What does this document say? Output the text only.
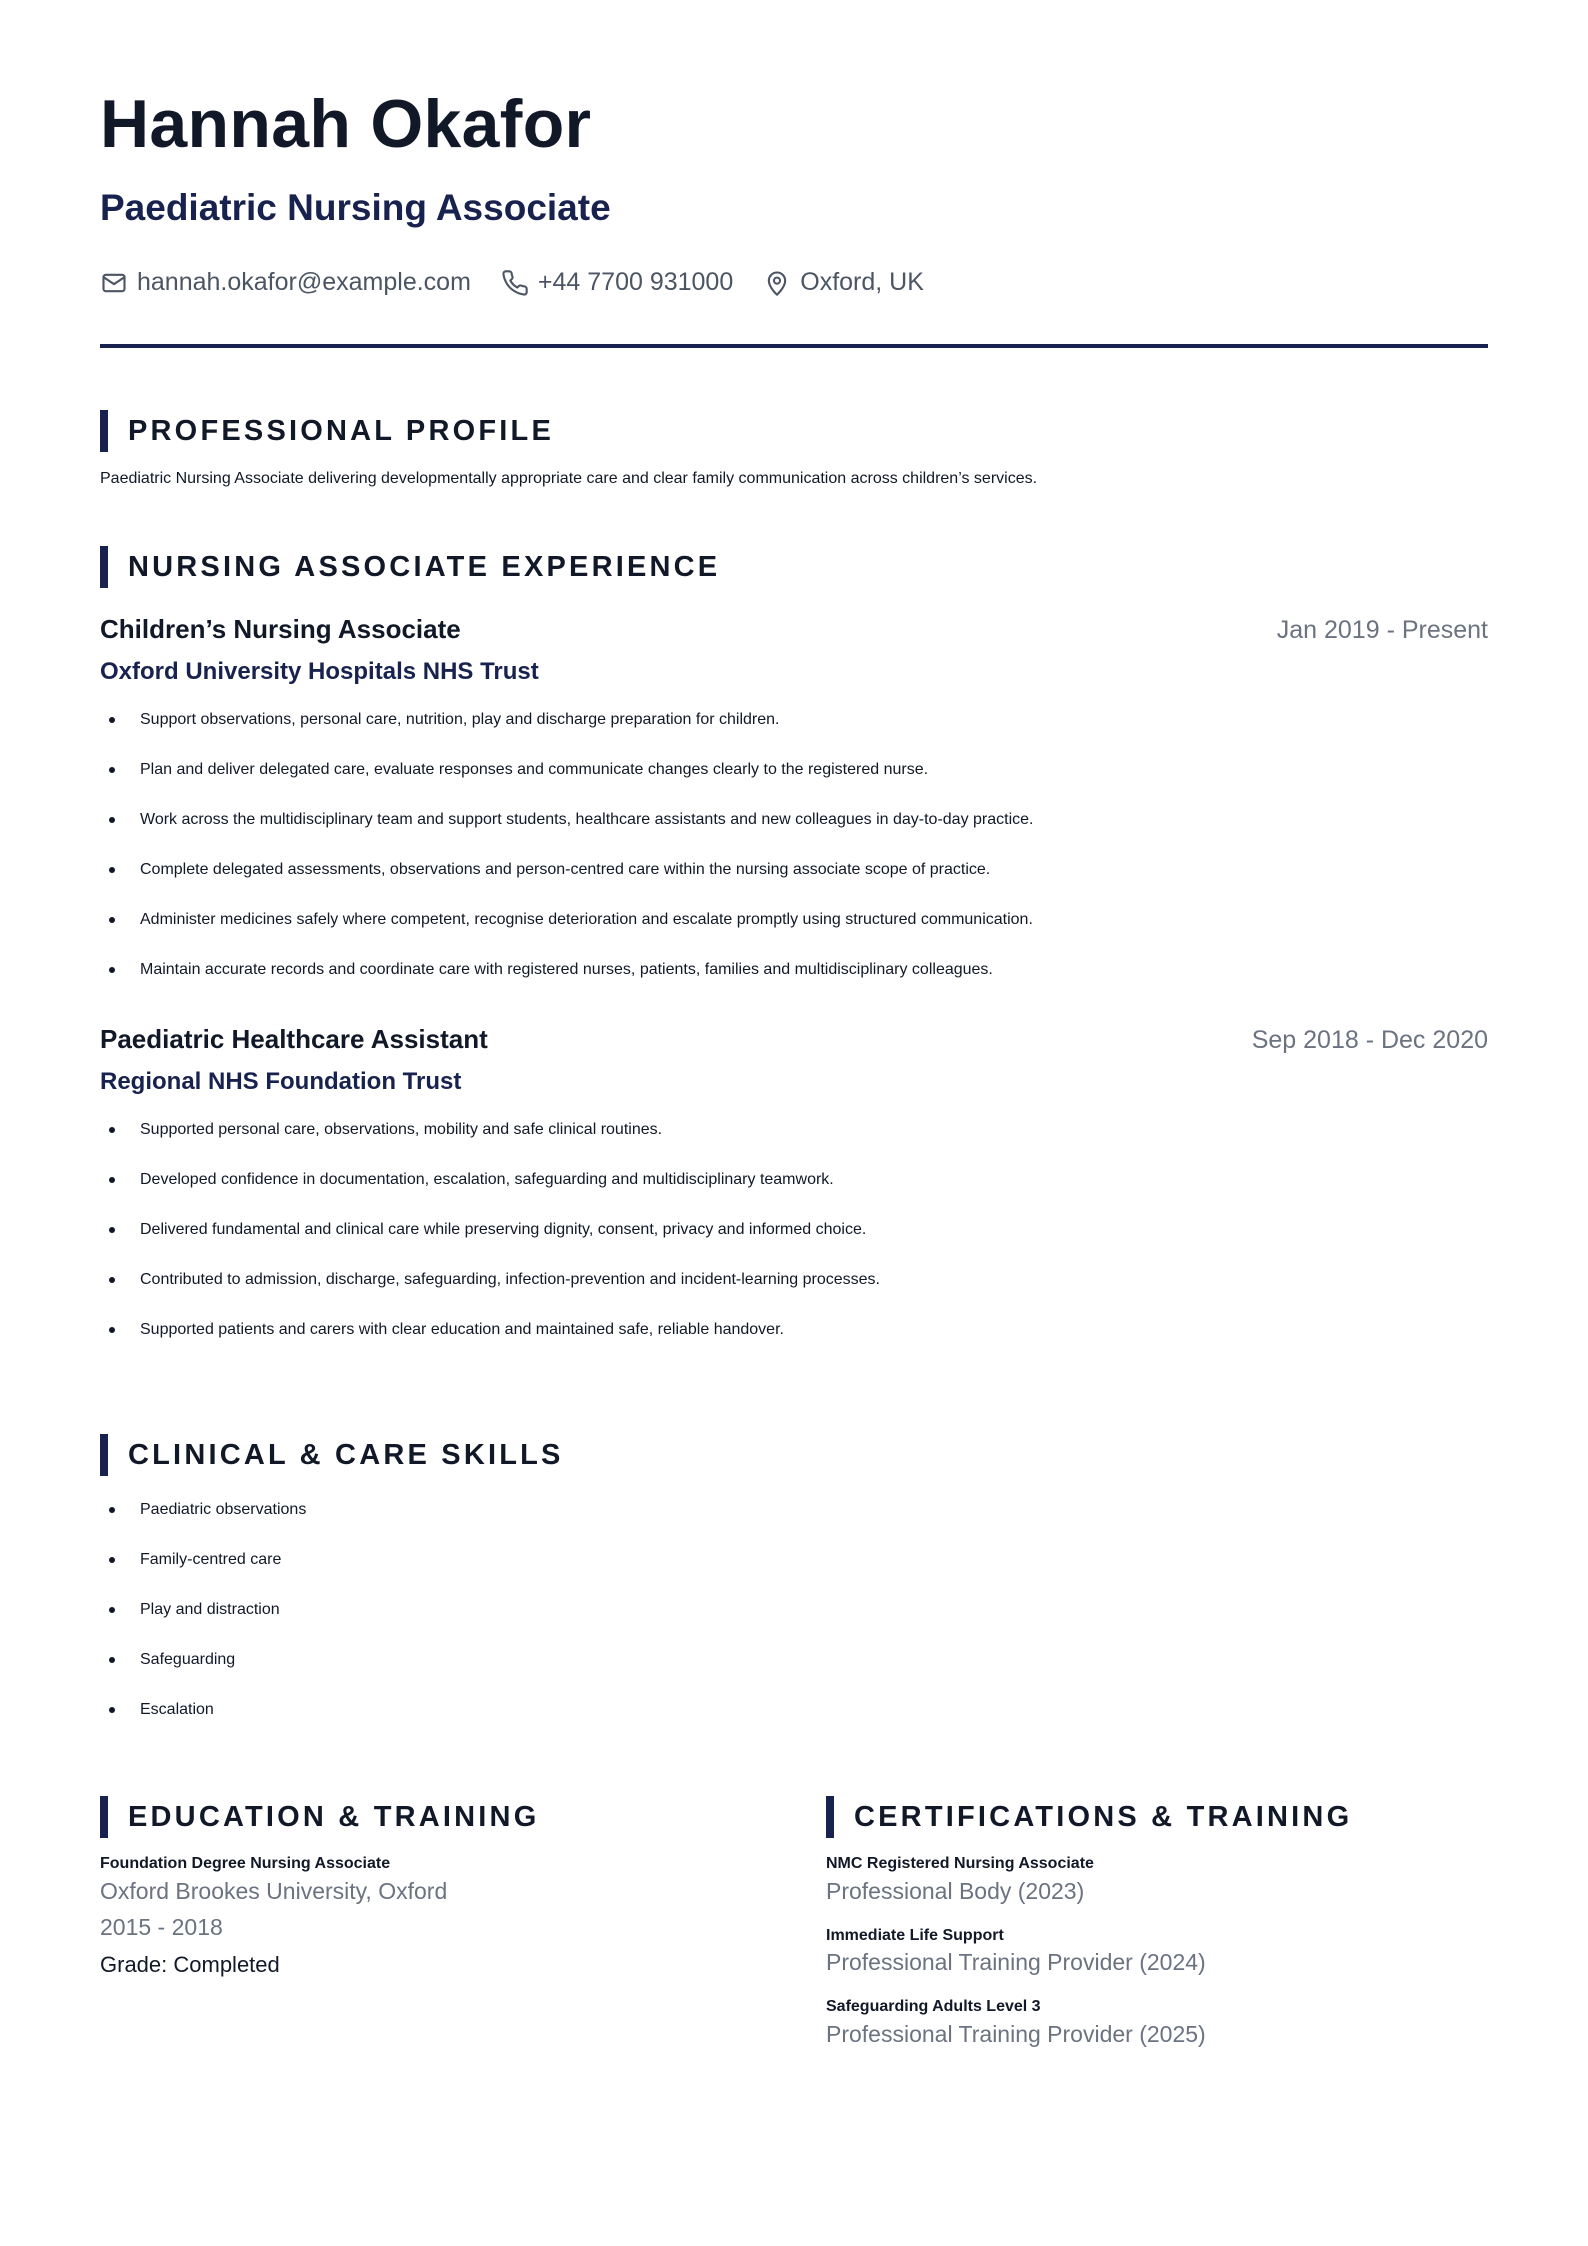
Hannah Okafor
Paediatric Nursing Associate
hannah.okafor@example.com	+44 7700 931000	Oxford, UK
PROFESSIONAL PROFILE
Paediatric Nursing Associate delivering developmentally appropriate care and clear family communication across children’s services.
NURSING ASSOCIATE EXPERIENCE
Children’s Nursing Associate	Jan 2019 - Present
Oxford University Hospitals NHS Trust
Support observations, personal care, nutrition, play and discharge preparation for children.
Plan and deliver delegated care, evaluate responses and communicate changes clearly to the registered nurse.
Work across the multidisciplinary team and support students, healthcare assistants and new colleagues in day-to-day practice.
Complete delegated assessments, observations and person-centred care within the nursing associate scope of practice.
Administer medicines safely where competent, recognise deterioration and escalate promptly using structured communication.
Maintain accurate records and coordinate care with registered nurses, patients, families and multidisciplinary colleagues.
Paediatric Healthcare Assistant	Sep 2018 - Dec 2020
Regional NHS Foundation Trust
Supported personal care, observations, mobility and safe clinical routines.
Developed confidence in documentation, escalation, safeguarding and multidisciplinary teamwork.
Delivered fundamental and clinical care while preserving dignity, consent, privacy and informed choice.
Contributed to admission, discharge, safeguarding, infection-prevention and incident-learning processes.
Supported patients and carers with clear education and maintained safe, reliable handover.
CLINICAL & CARE SKILLS
Paediatric observations
Family-centred care
Play and distraction
Safeguarding
Escalation
EDUCATION & TRAINING
Foundation Degree Nursing Associate
Oxford Brookes University, Oxford
2015 - 2018
Grade: Completed
CERTIFICATIONS & TRAINING
NMC Registered Nursing Associate
Professional Body (2023)
Immediate Life Support
Professional Training Provider (2024)
Safeguarding Adults Level 3
Professional Training Provider (2025)
